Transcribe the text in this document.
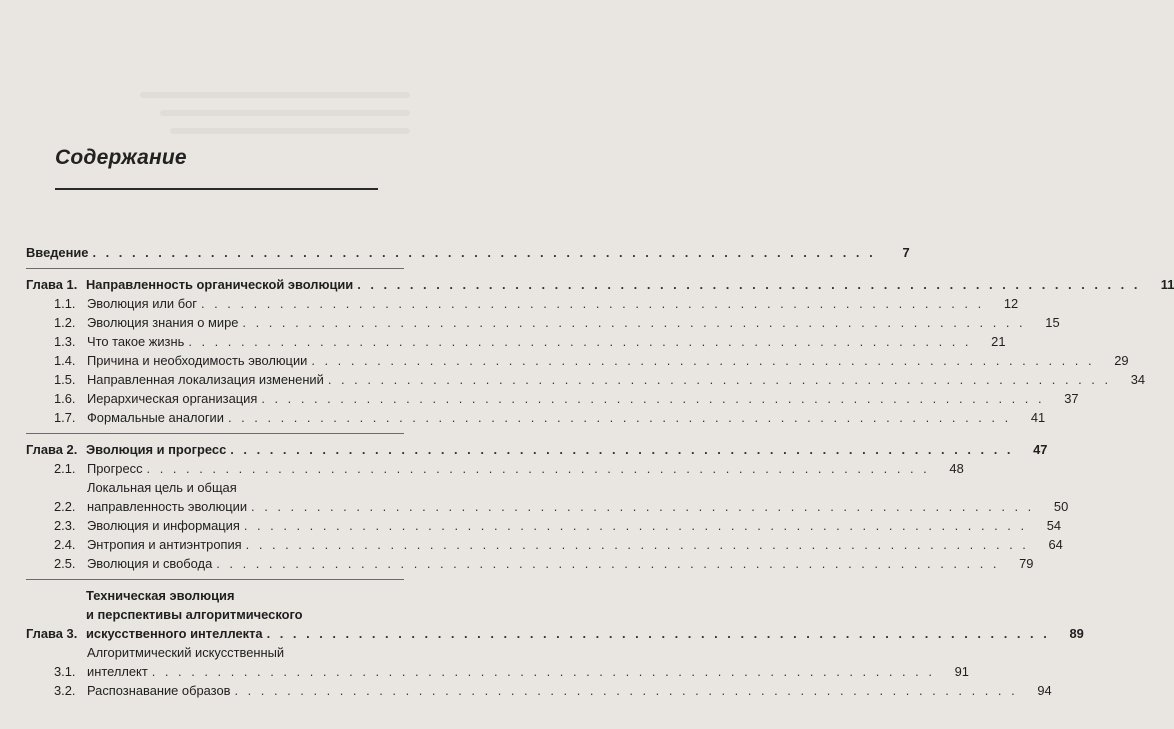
Содержание
Введение . . . . . . . . . . . . . . . . . . . . . . . . . . . . . . . . . . . . . . . . . . . . . . . . . . . . . . . . . . . .	7
Глава 1. Направленность органической эволюции . . . . . . . . . . . . . . . . . . . . . . . . . . . . . . . . . . . . . . . . . . . . . . . . . . . . . . . . . . . .	11
1.1. Эволюция или бог . . . . . . . . . . . . . . . . . . . . . . . . . . . . . . . . . . . . . . . . . . . . . . . . . . . . . . . . . . . .	12
1.2. Эволюция знания о мире . . . . . . . . . . . . . . . . . . . . . . . . . . . . . . . . . . . . . . . . . . . . . . . . . . . . . . . . . . . .	15
1.3. Что такое жизнь . . . . . . . . . . . . . . . . . . . . . . . . . . . . . . . . . . . . . . . . . . . . . . . . . . . . . . . . . . . .	21
1.4. Причина и необходимость эволюции . . . . . . . . . . . . . . . . . . . . . . . . . . . . . . . . . . . . . . . . . . . . . . . . . . . . . . . . . . . .	29
1.5. Направленная локализация изменений . . . . . . . . . . . . . . . . . . . . . . . . . . . . . . . . . . . . . . . . . . . . . . . . . . . . . . . . . . . .	34
1.6. Иерархическая организация . . . . . . . . . . . . . . . . . . . . . . . . . . . . . . . . . . . . . . . . . . . . . . . . . . . . . . . . . . . .	37
1.7. Формальные аналогии . . . . . . . . . . . . . . . . . . . . . . . . . . . . . . . . . . . . . . . . . . . . . . . . . . . . . . . . . . . .	41
Глава 2. Эволюция и прогресс . . . . . . . . . . . . . . . . . . . . . . . . . . . . . . . . . . . . . . . . . . . . . . . . . . . . . . . . . . . .	47
2.1. Прогресс . . . . . . . . . . . . . . . . . . . . . . . . . . . . . . . . . . . . . . . . . . . . . . . . . . . . . . . . . . . .	48
2.2.
Локальная цель и общая
направленность эволюции . . . . . . . . . . . . . . . . . . . . . . . . . . . . . . . . . . . . . . . . . . . . . . . . . . . . . . . . . . . .	50
2.3. Эволюция и информация . . . . . . . . . . . . . . . . . . . . . . . . . . . . . . . . . . . . . . . . . . . . . . . . . . . . . . . . . . . .	54
2.4. Энтропия и антиэнтропия . . . . . . . . . . . . . . . . . . . . . . . . . . . . . . . . . . . . . . . . . . . . . . . . . . . . . . . . . . . .	64
2.5. Эволюция и свобода . . . . . . . . . . . . . . . . . . . . . . . . . . . . . . . . . . . . . . . . . . . . . . . . . . . . . . . . . . . .	79
Глава 3.
Техническая эволюция
и перспективы алгоритмического
искусственного интеллекта . . . . . . . . . . . . . . . . . . . . . . . . . . . . . . . . . . . . . . . . . . . . . . . . . . . . . . . . . . . .	89
3.1.
Алгоритмический искусственный
интеллект . . . . . . . . . . . . . . . . . . . . . . . . . . . . . . . . . . . . . . . . . . . . . . . . . . . . . . . . . . . .	91
3.2. Распознавание образов . . . . . . . . . . . . . . . . . . . . . . . . . . . . . . . . . . . . . . . . . . . . . . . . . . . . . . . . . . . .	94
